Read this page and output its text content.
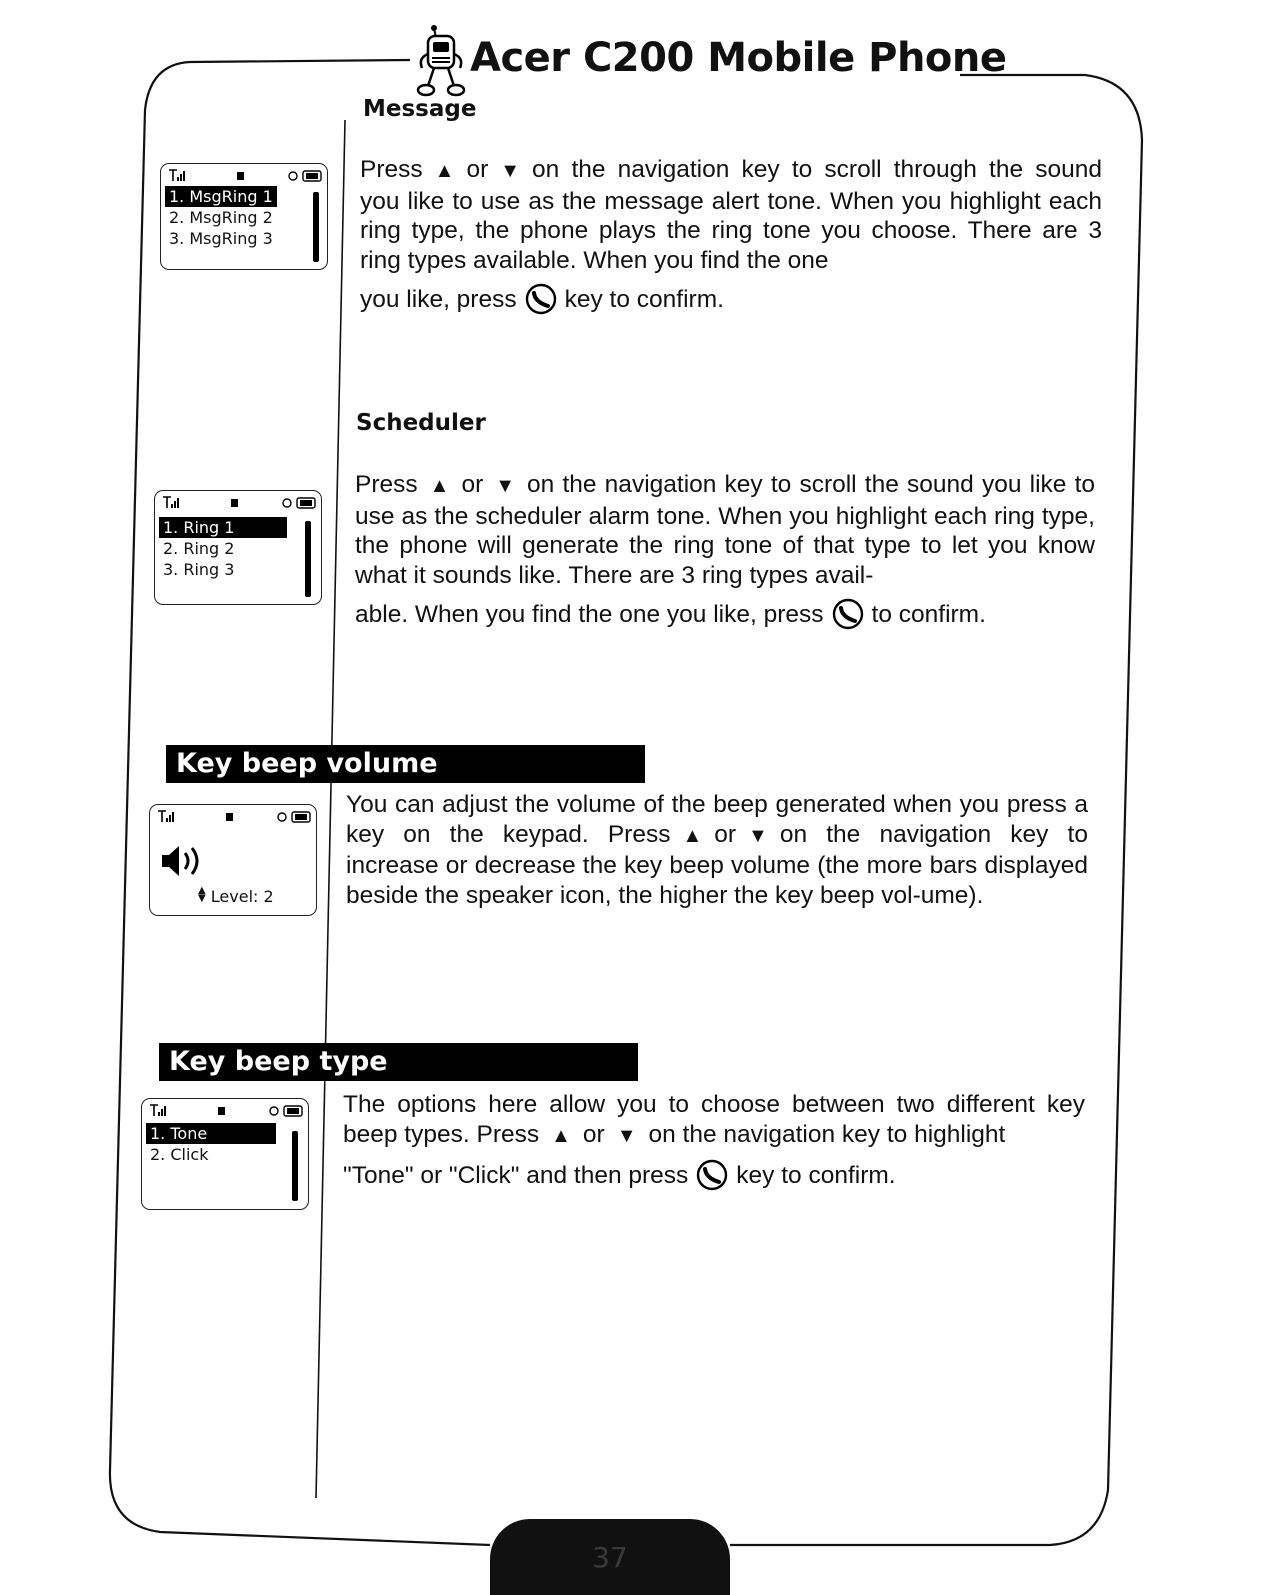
Acer C200 Mobile Phone
Message
1. MsgRing 1
2. MsgRing 2
3. MsgRing 3
Press ▲ or ▼ on the navigation key to scroll through the sound you like to use as the message alert tone. When you highlight each ring type, the phone plays the ring tone you choose. There are 3 ring types available. When you find the one
you like, press key to confirm.
Scheduler
1. Ring 1
2. Ring 2
3. Ring 3
Press ▲ or ▼ on the navigation key to scroll the sound you like to use as the scheduler alarm tone. When you highlight each ring type, the phone will generate the ring tone of that type to let you know what it sounds like. There are 3 ring types avail-
able. When you find the one you like, press to confirm.
Key beep volume
▲
▼ Level: 2
You can adjust the volume of the beep generated when you press a key on the keypad. Press ▲ or ▼ on the navigation key to increase or decrease the key beep volume (the more bars displayed beside the speaker icon, the higher the key beep vol-ume).
Key beep type
1. Tone
2. Click
The options here allow you to choose between two different key beep types. Press ▲ or ▼ on the navigation key to highlight
"Tone" or "Click" and then press key to confirm.
37
